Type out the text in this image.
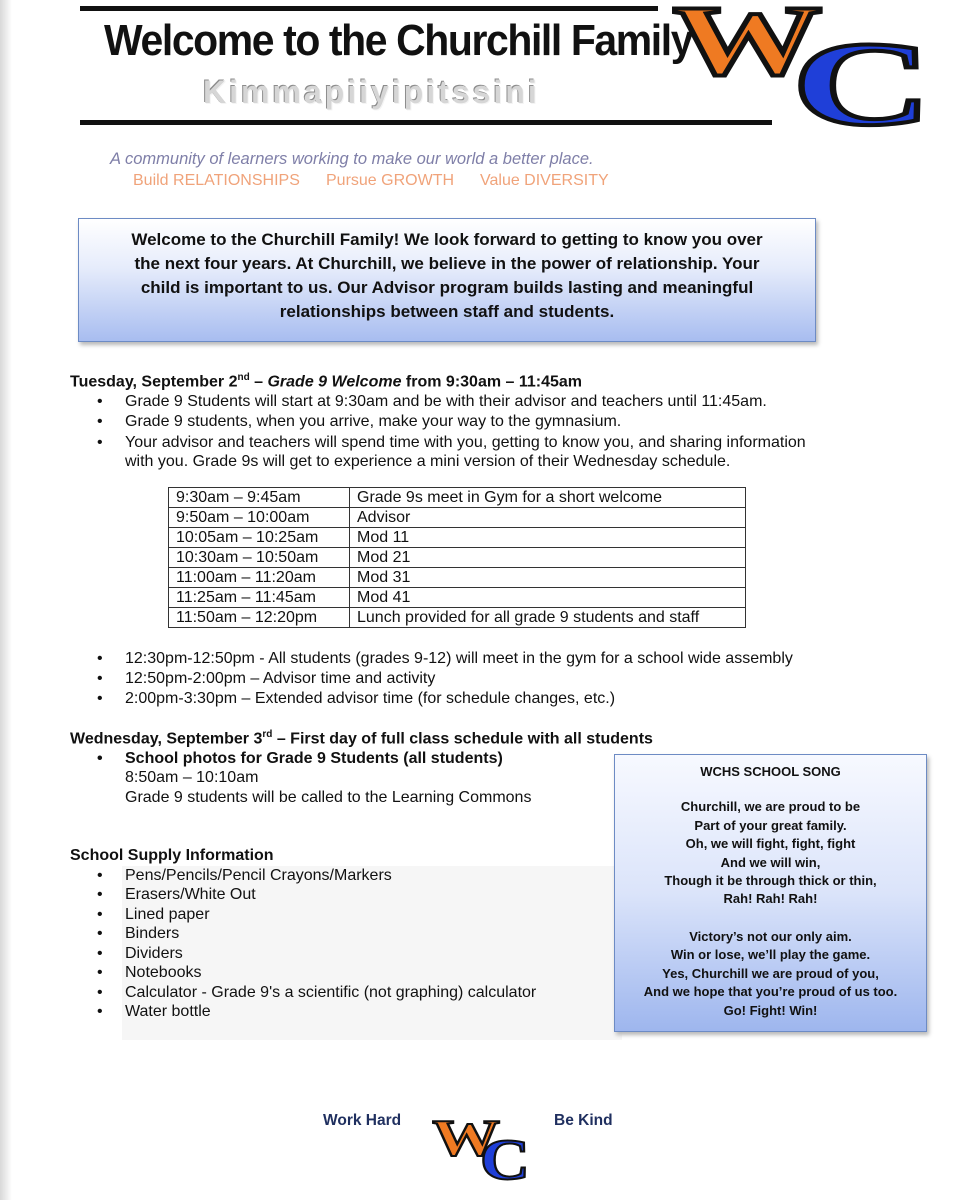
Welcome to the Churchill Family
Kimmapiiyipitssini W
C
A community of learners working to make our world a better place.
Build RELATIONSHIPS Pursue GROWTH Value DIVERSITY
Welcome to the Churchill Family! We look forward to getting to know you over
the next four years. At Churchill, we believe in the power of relationship. Your
child is important to us. Our Advisor program builds lasting and meaningful
relationships between staff and students.
Tuesday, September 2nd – Grade 9 Welcome from 9:30am – 11:45am
• Grade 9 Students will start at 9:30am and be with their advisor and teachers until 11:45am.
• Grade 9 students, when you arrive, make your way to the gymnasium.
• Your advisor and teachers will spend time with you, getting to know you, and sharing information
with you. Grade 9s will get to experience a mini version of their Wednesday schedule.
9:30am – 9:45am	Grade 9s meet in Gym for a short welcome
9:50am – 10:00am	Advisor
10:05am – 10:25am	Mod 11
10:30am – 10:50am	Mod 21
11:00am – 11:20am	Mod 31
11:25am – 11:45am	Mod 41
11:50am – 12:20pm	Lunch provided for all grade 9 students and staff
• 12:30pm-12:50pm - All students (grades 9-12) will meet in the gym for a school wide assembly
• 12:50pm-2:00pm – Advisor time and activity
• 2:00pm-3:30pm – Extended advisor time (for schedule changes, etc.)
Wednesday, September 3rd – First day of full class schedule with all students
• School photos for Grade 9 Students (all students)
8:50am – 10:10am
Grade 9 students will be called to the Learning Commons
School Supply Information
• Pens/Pencils/Pencil Crayons/Markers
• Erasers/White Out
• Lined paper
• Binders
• Dividers
• Notebooks
• Calculator - Grade 9's a scientific (not graphing) calculator
• Water bottle
WCHS SCHOOL SONG
Churchill, we are proud to be
Part of your great family.
Oh, we will fight, fight, fight
And we will win,
Though it be through thick or thin,
Rah! Rah! Rah!
Victory’s not our only aim.
Win or lose, we’ll play the game.
Yes, Churchill we are proud of you,
And we hope that you’re proud of us too.
Go! Fight! Win!
Work Hard W
C
Be Kind
